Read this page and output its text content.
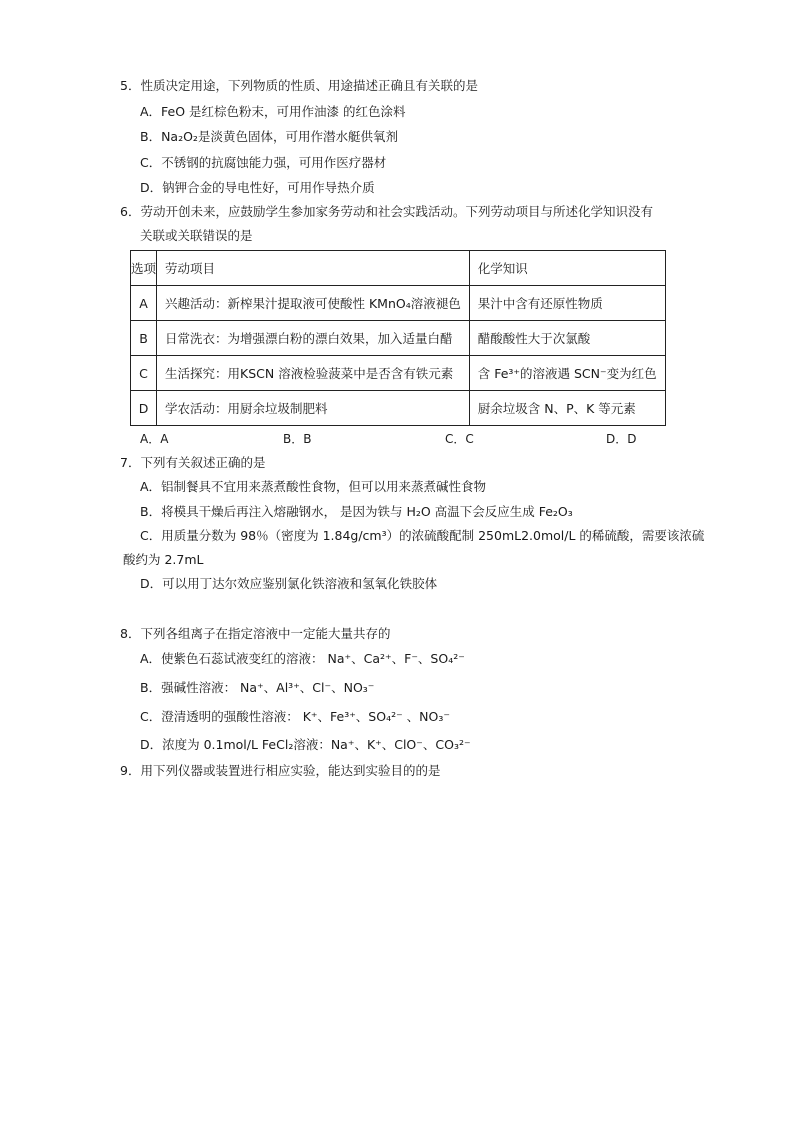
5．性质决定用途，下列物质的性质、用途描述正确且有关联的是
A．FeO 是红棕色粉末，可用作油漆 的红色涂料
B．Na₂O₂是淡黄色固体，可用作潜水艇供氧剂
C．不锈钢的抗腐蚀能力强，可用作医疗器材
D．钠钾合金的导电性好，可用作导热介质
6．劳动开创未来，应鼓励学生参加家务劳动和社会实践活动。下列劳动项目与所述化学知识没有
关联或关联错误的是
选项	劳动项目	化学知识
A	兴趣活动：新榨果汁提取液可使酸性 KMnO₄溶液褪色	果汁中含有还原性物质
B	日常洗衣：为增强漂白粉的漂白效果，加入适量白醋	醋酸酸性大于次氯酸
C	生活探究：用KSCN 溶液检验菠菜中是否含有铁元素	含 Fe³⁺的溶液遇 SCN⁻变为红色
D	学农活动：用厨余垃圾制肥料	厨余垃圾含 N、P、K 等元素
A．A	B．B	C．C	D．D
7．下列有关叙述正确的是
A．铝制餐具不宜用来蒸煮酸性食物，但可以用来蒸煮碱性食物
B．将模具干燥后再注入熔融钢水， 是因为铁与 H₂O 高温下会反应生成 Fe₂O₃
C．用质量分数为 98％（密度为 1.84g/cm³）的浓硫酸配制 250mL2.0mol/L 的稀硫酸，需要该浓硫
酸约为 2.7mL
D．可以用丁达尔效应鉴别氯化铁溶液和氢氧化铁胶体
8．下列各组离子在指定溶液中一定能大量共存的
A．使紫色石蕊试液变红的溶液： Na⁺、Ca²⁺、F⁻、SO₄²⁻
B．强碱性溶液： Na⁺、Al³⁺、Cl⁻、NO₃⁻
C．澄清透明的强酸性溶液： K⁺、Fe³⁺、SO₄²⁻ 、NO₃⁻
D．浓度为 0.1mol/L FeCl₂溶液：Na⁺、K⁺、ClO⁻、CO₃²⁻
9．用下列仪器或装置进行相应实验，能达到实验目的的是
